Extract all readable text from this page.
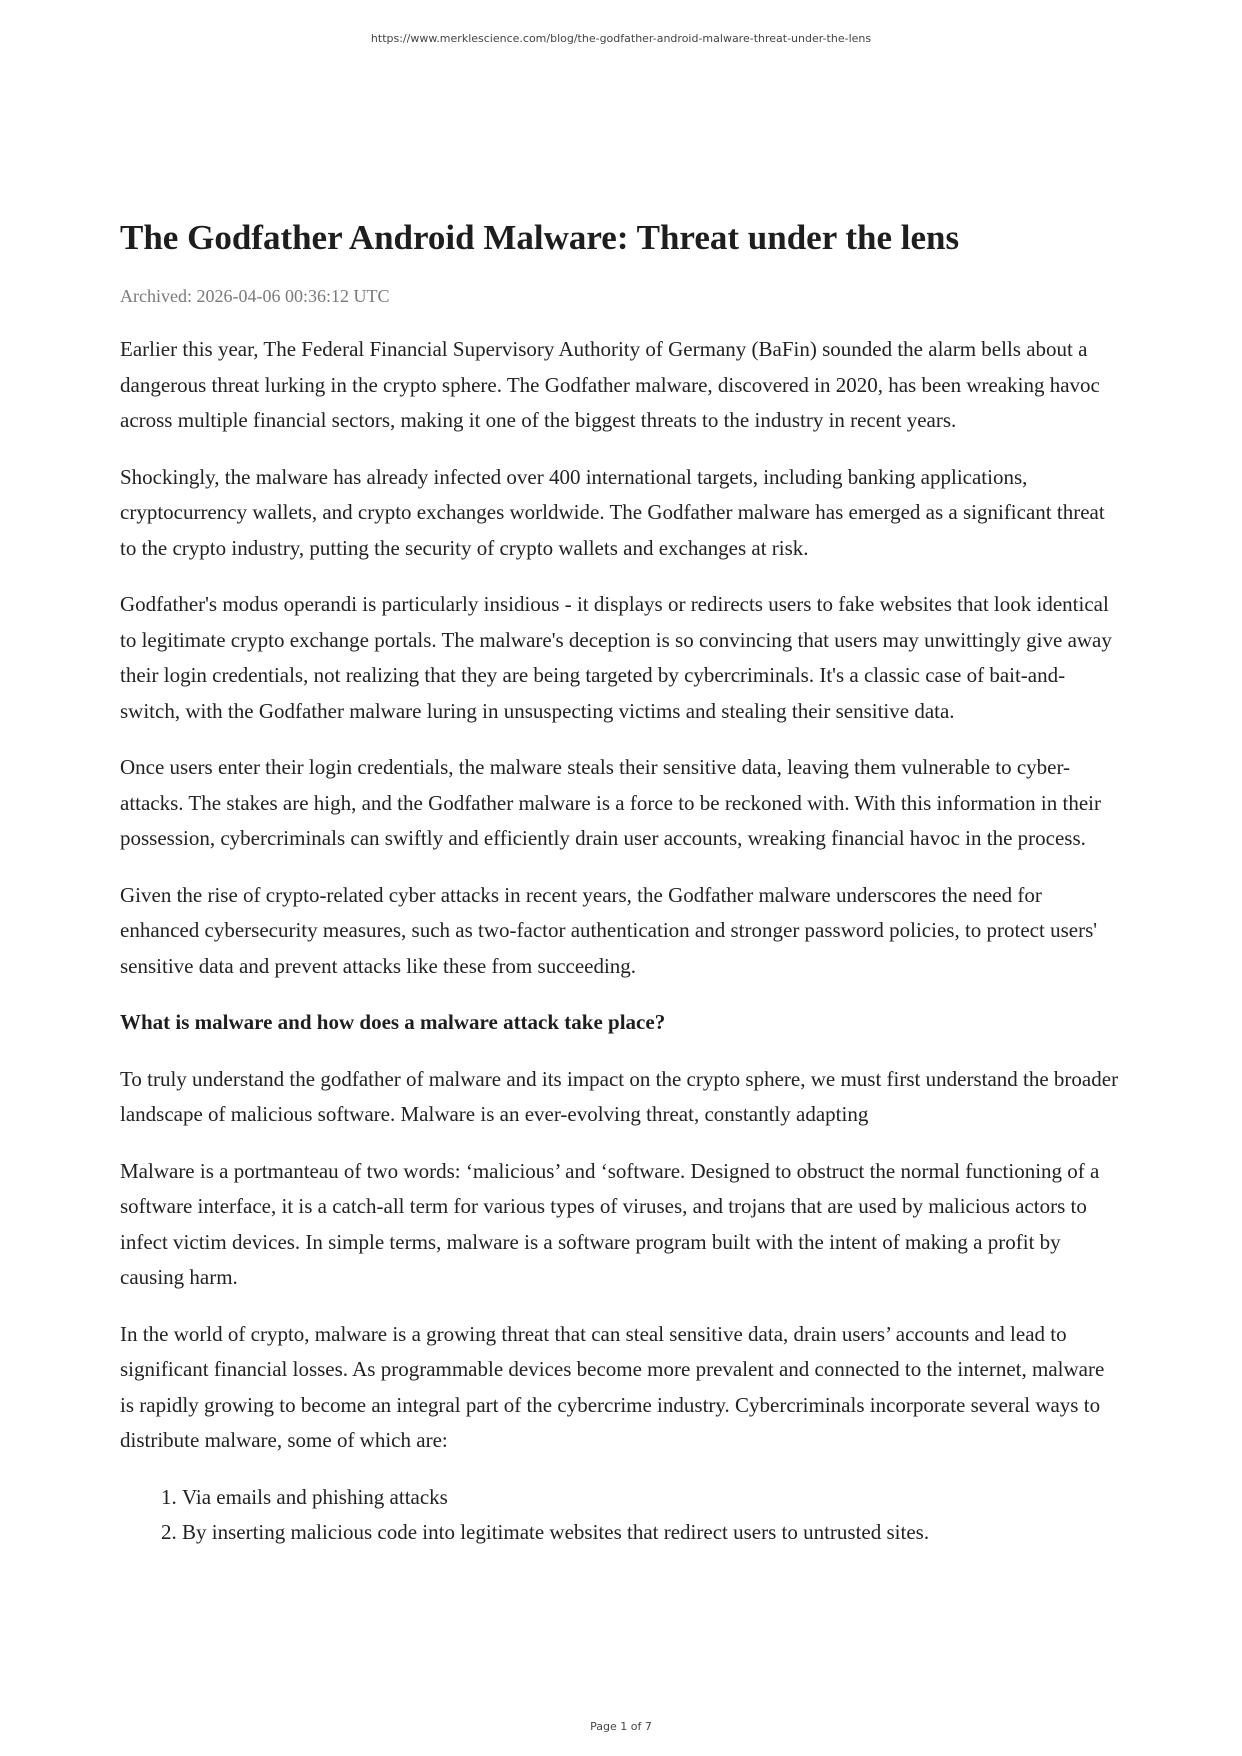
https://www.merklescience.com/blog/the-godfather-android-malware-threat-under-the-lens
The Godfather Android Malware: Threat under the lens
Archived: 2026-04-06 00:36:12 UTC

Earlier this year, The Federal Financial Supervisory Authority of Germany (BaFin) sounded the alarm bells about a dangerous threat lurking in the crypto sphere. The Godfather malware, discovered in 2020, has been wreaking havoc across multiple financial sectors, making it one of the biggest threats to the industry in recent years.

Shockingly, the malware has already infected over 400 international targets, including banking applications, cryptocurrency wallets, and crypto exchanges worldwide. The Godfather malware has emerged as a significant threat to the crypto industry, putting the security of crypto wallets and exchanges at risk.

Godfather's modus operandi is particularly insidious - it displays or redirects users to fake websites that look identical to legitimate crypto exchange portals. The malware's deception is so convincing that users may unwittingly give away their login credentials, not realizing that they are being targeted by cybercriminals. It's a classic case of bait-and-switch, with the Godfather malware luring in unsuspecting victims and stealing their sensitive data.

Once users enter their login credentials, the malware steals their sensitive data, leaving them vulnerable to cyber-attacks. The stakes are high, and the Godfather malware is a force to be reckoned with. With this information in their possession, cybercriminals can swiftly and efficiently drain user accounts, wreaking financial havoc in the process.

Given the rise of crypto-related cyber attacks in recent years, the Godfather malware underscores the need for enhanced cybersecurity measures, such as two-factor authentication and stronger password policies, to protect users' sensitive data and prevent attacks like these from succeeding.

What is malware and how does a malware attack take place?

To truly understand the godfather of malware and its impact on the crypto sphere, we must first understand the broader landscape of malicious software. Malware is an ever-evolving threat, constantly adapting

Malware is a portmanteau of two words: ‘malicious’ and ‘software. Designed to obstruct the normal functioning of a software interface, it is a catch-all term for various types of viruses, and trojans that are used by malicious actors to infect victim devices. In simple terms, malware is a software program built with the intent of making a profit by causing harm.

In the world of crypto, malware is a growing threat that can steal sensitive data, drain users’ accounts and lead to significant financial losses. As programmable devices become more prevalent and connected to the internet, malware is rapidly growing to become an integral part of the cybercrime industry. Cybercriminals incorporate several ways to distribute malware, some of which are:

1. Via emails and phishing attacks
2. By inserting malicious code into legitimate websites that redirect users to untrusted sites.
Page 1 of 7
